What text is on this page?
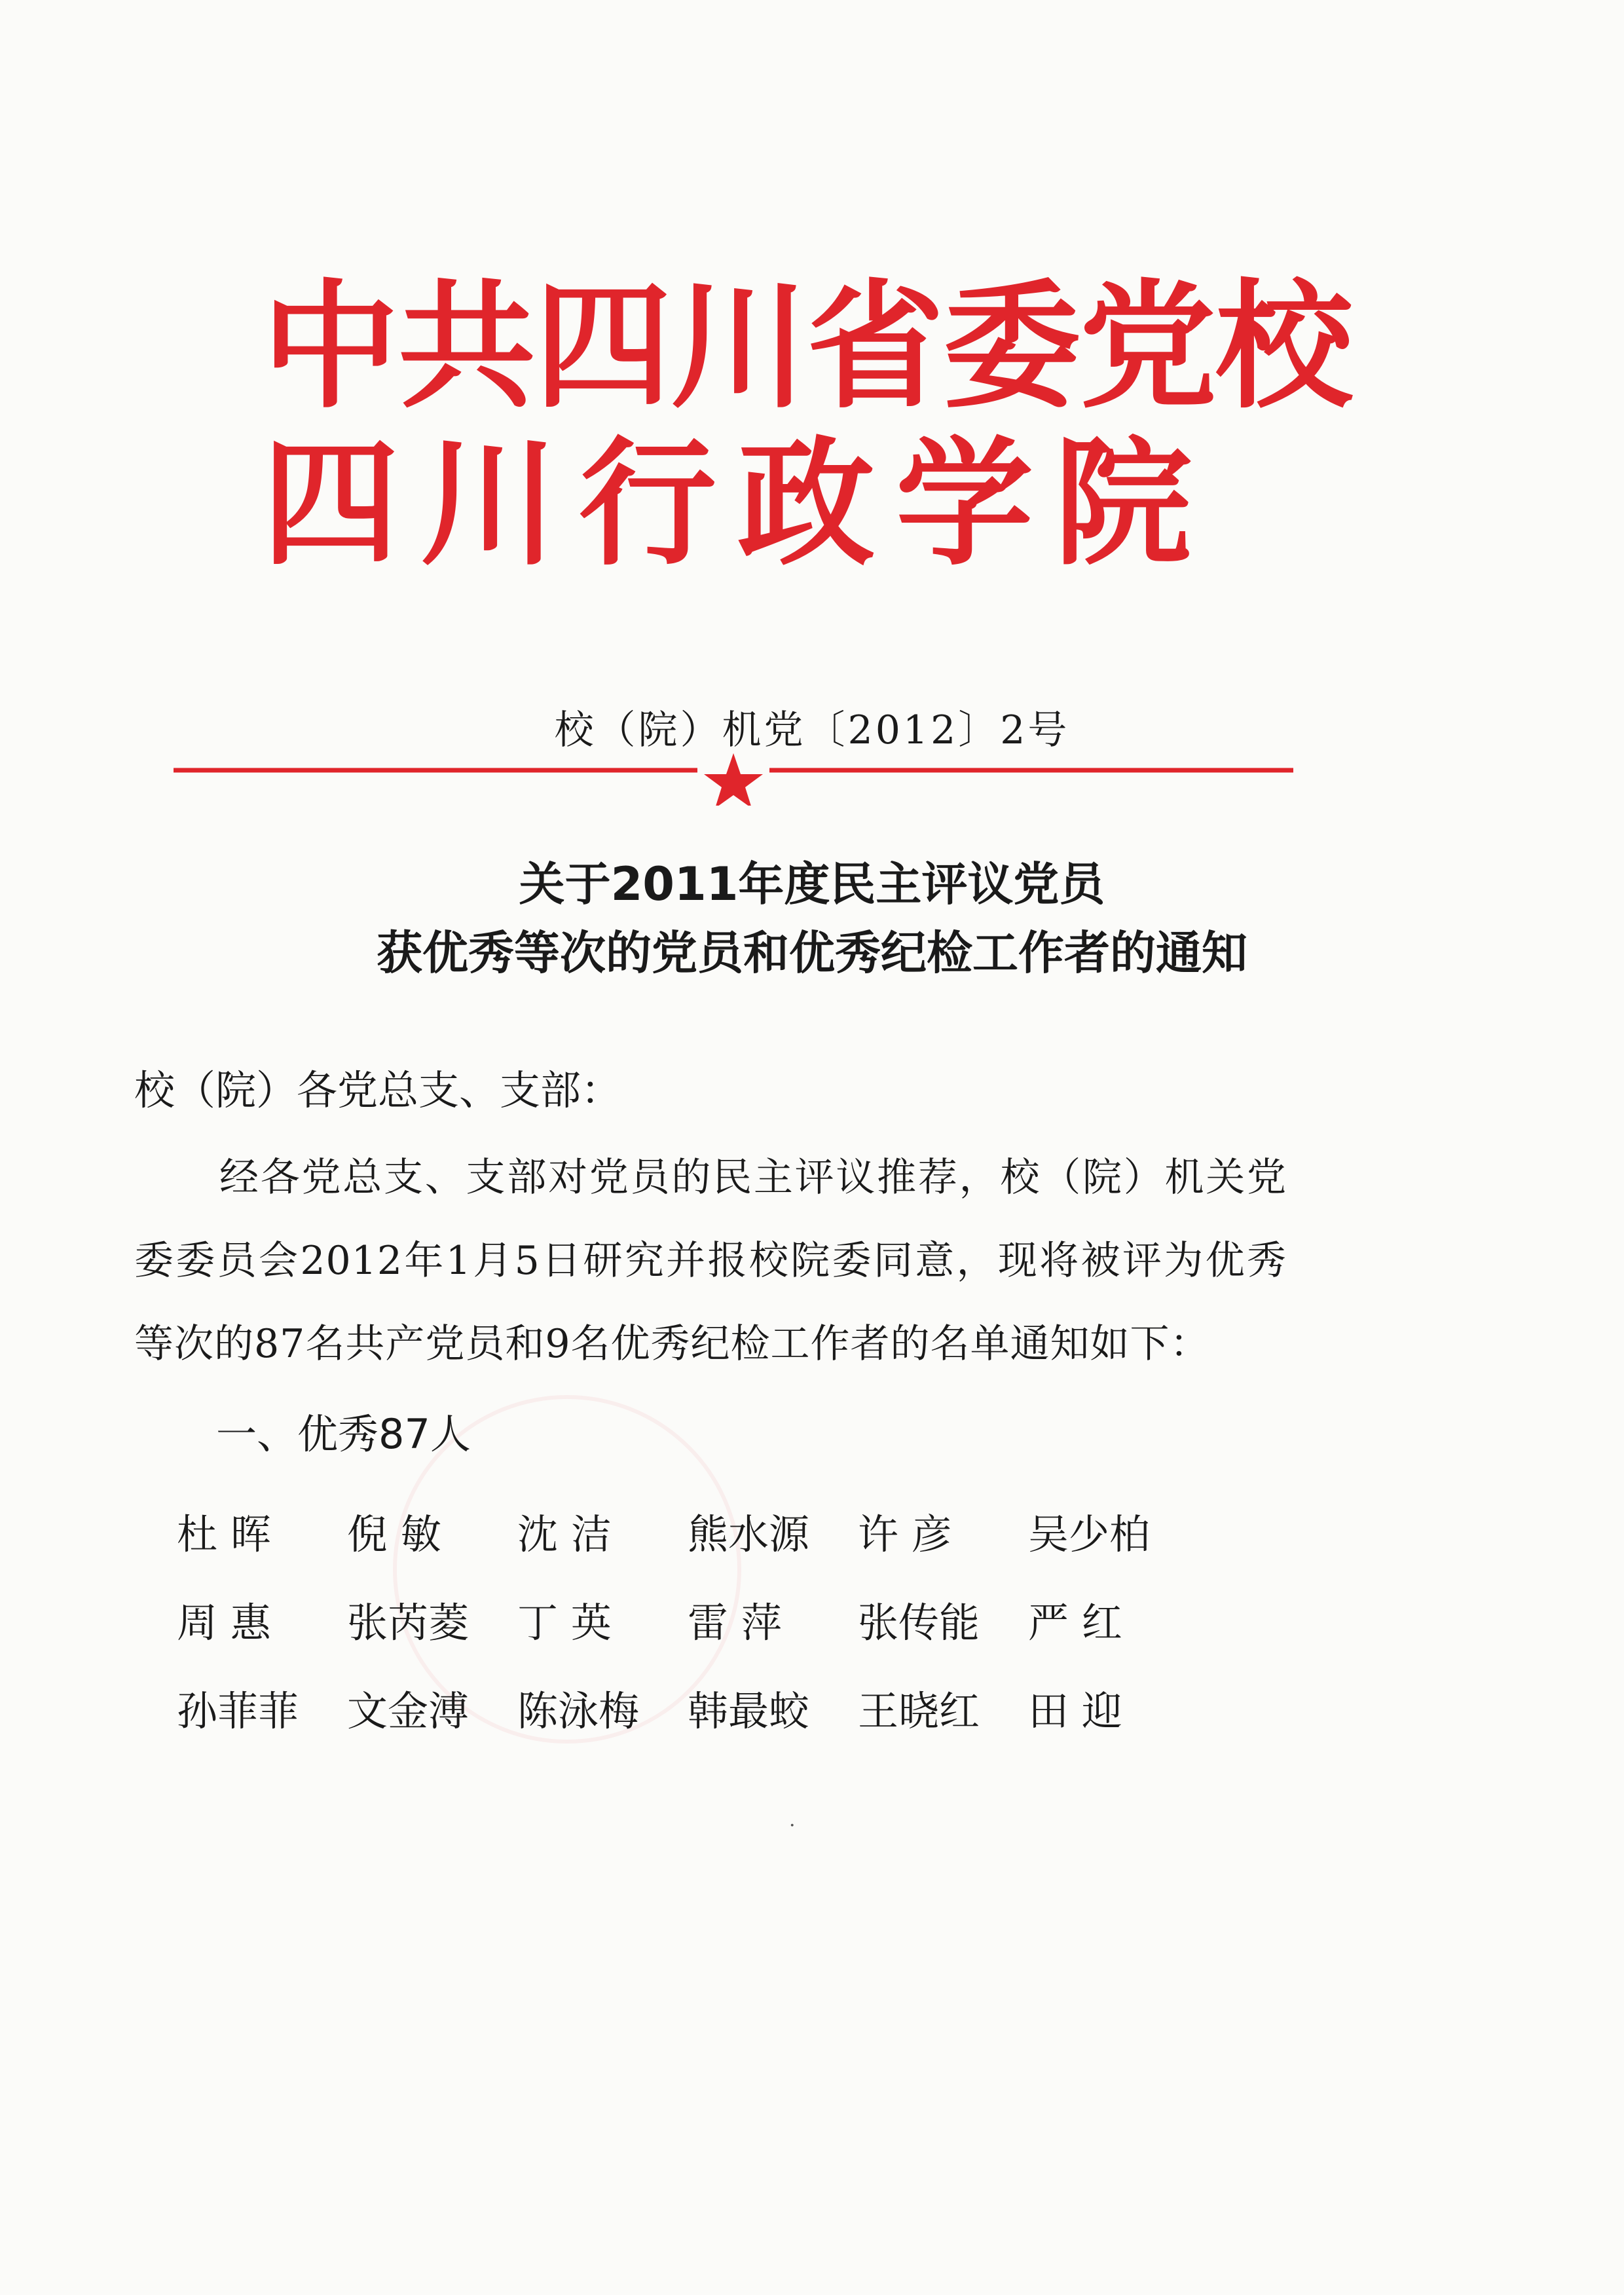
中共四川省委党校
四 川 行 政 学 院
校（院）机党〔2012〕2号
关于2011年度民主评议党员
获优秀等次的党员和优秀纪检工作者的通知
校（院）各党总支、支部：
经各党总支、支部对党员的民主评议推荐，校（院）机关党委委员会2012年1月5日研究并报校院委同意，现将被评为优秀等次的87名共产党员和9名优秀纪检工作者的名单通知如下：
一、优秀87人
杜 晖	倪 敏	沈 洁	熊水源	许 彦	吴少柏
周 惠	张芮菱	丁 英	雷 萍	张传能	严 红
孙菲菲	文金溥	陈泳梅	韩最蛟	王晓红	田 迎
·
